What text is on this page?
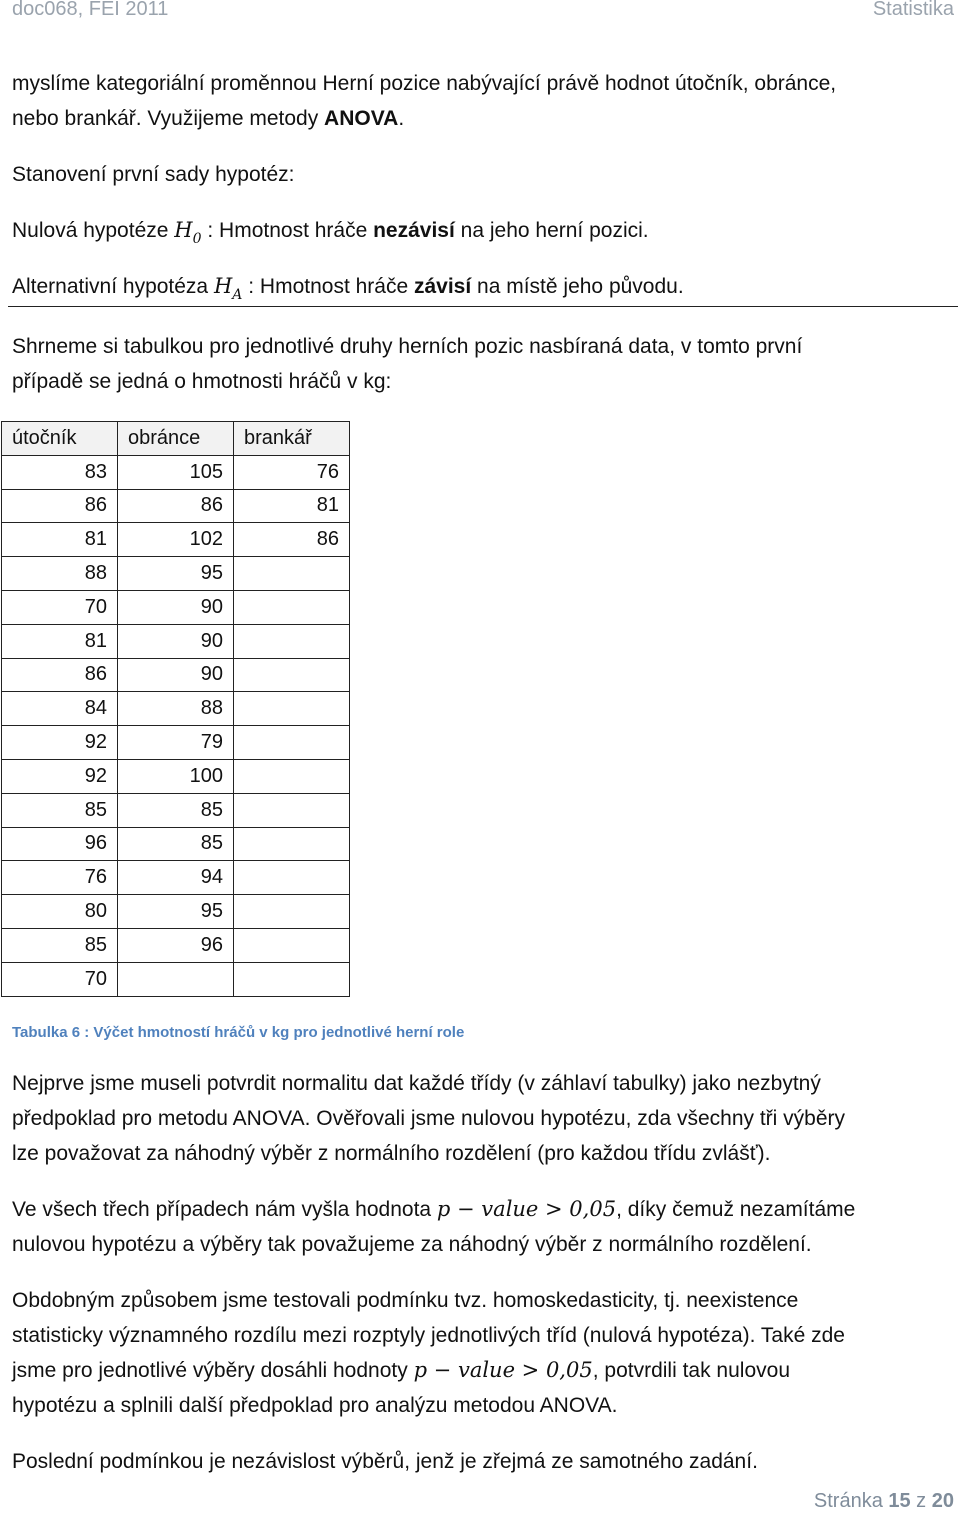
doc068, FEI 2011	Statistika
myslíme kategoriální proměnnou Herní pozice nabývající právě hodnot útočník, obránce,
nebo brankář. Využijeme metody ANOVA.
Stanovení první sady hypotéz:
Nulová hypotéze $H_0$ : Hmotnost hráče nezávisí na jeho herní pozici.
Alternativní hypotéza $H_A$ : Hmotnost hráče závisí na místě jeho původu.
Shrneme si tabulkou pro jednotlivé druhy herních pozic nasbíraná data, v tomto první
případě se jedná o hmotnosti hráčů v kg:
útočník	obránce	brankář
83	105	76
86	86	81
81	102	86
88	95	
70	90	
81	90	
86	90	
84	88	
92	79	
92	100	
85	85	
96	85	
76	94	
80	95	
85	96	
70		
Tabulka 6 : Výčet hmotností hráčů v kg pro jednotlivé herní role
Nejprve jsme museli potvrdit normalitu dat každé třídy (v záhlaví tabulky) jako nezbytný
předpoklad pro metodu ANOVA. Ověřovali jsme nulovou hypotézu, zda všechny tři výběry
lze považovat za náhodný výběr z normálního rozdělení (pro každou třídu zvlášť).
Ve všech třech případech nám vyšla hodnota p − value > 0,05, díky čemuž nezamítáme
nulovou hypotézu a výběry tak považujeme za náhodný výběr z normálního rozdělení.
Obdobným způsobem jsme testovali podmínku tvz. homoskedasticity, tj. neexistence
statisticky významného rozdílu mezi rozptyly jednotlivých tříd (nulová hypotéza). Také zde
jsme pro jednotlivé výběry dosáhli hodnoty p − value > 0,05, potvrdili tak nulovou
hypotézu a splnili další předpoklad pro analýzu metodou ANOVA.
Poslední podmínkou je nezávislost výběrů, jenž je zřejmá ze samotného zadání.
Stránka 15 z 20
